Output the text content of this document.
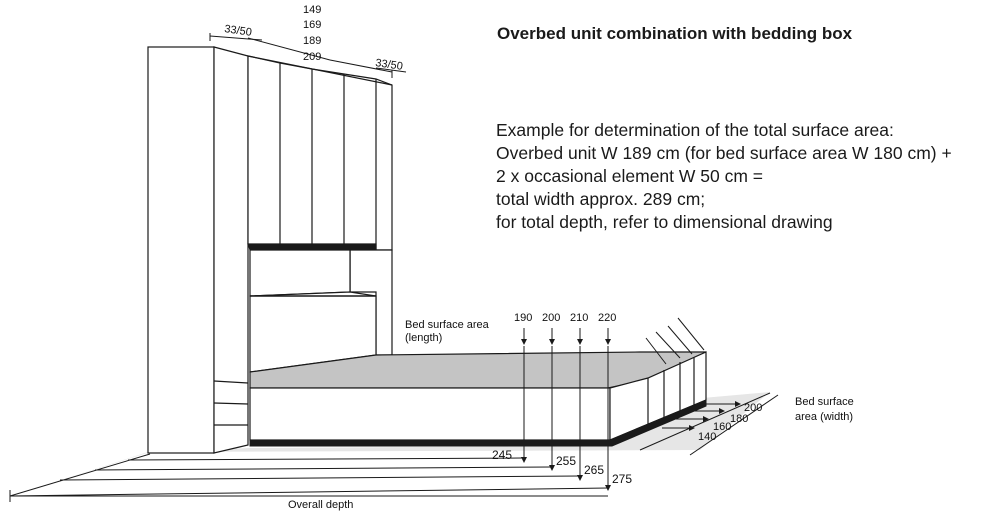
33/50
33/50
149
169
189
209
Bed surface area
(length)
190 200 210 220
245	255
265
275
Overall depth
Bed surface
area (width)
140
160
180
200
Overbed unit combination with bedding box
Example for determination of the total surface area:
Overbed unit W 189 cm (for bed surface area W 180 cm) +
2 x occasional element W 50 cm =
total width approx. 289 cm;
for total depth, refer to dimensional drawing
